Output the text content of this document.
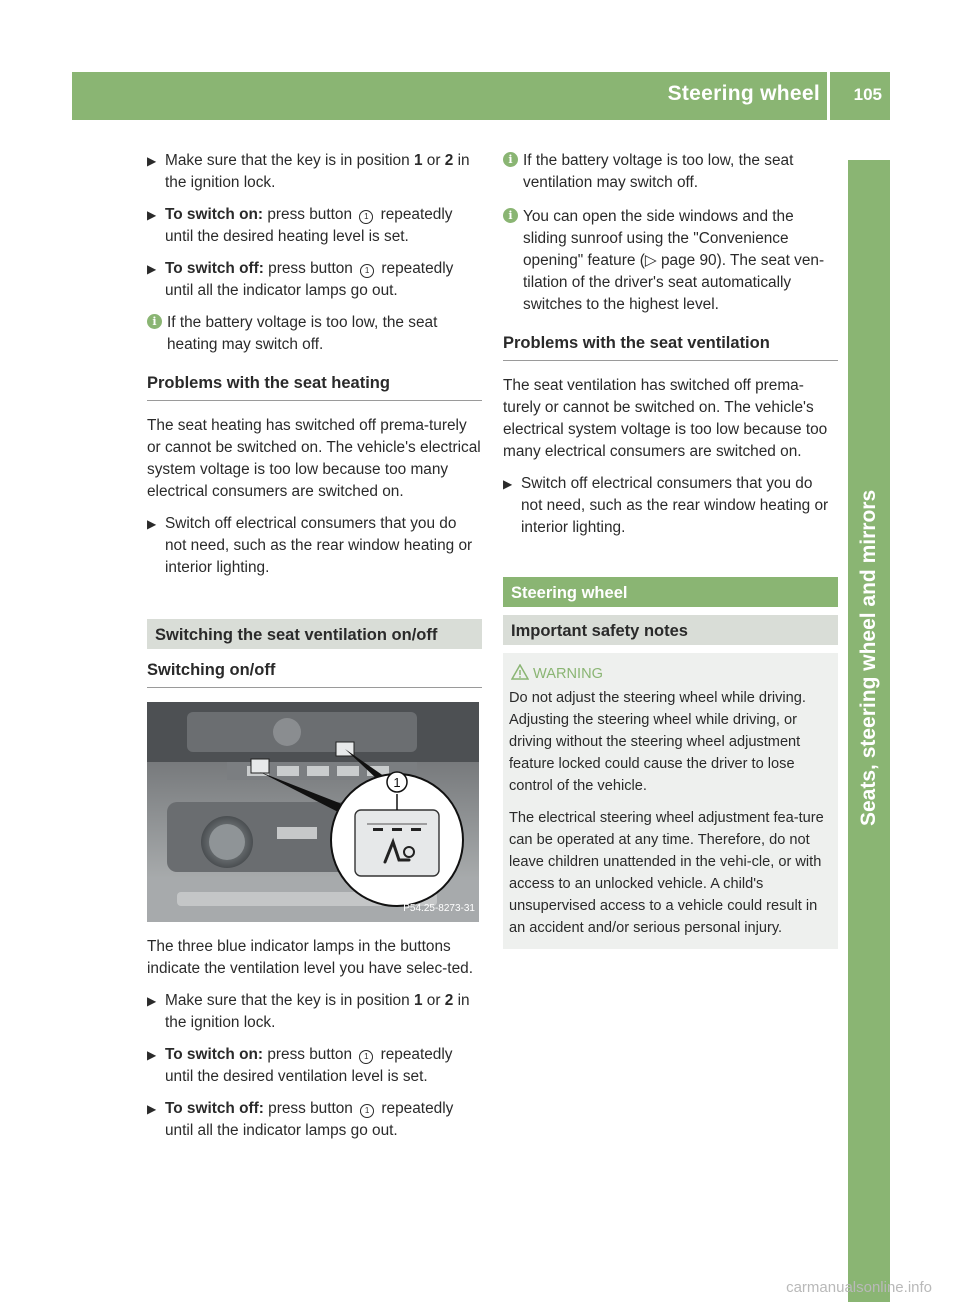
Steering wheel 105
▶ Make sure that the key is in position 1 or 2 in the ignition lock.
▶ To switch on: press button 1 repeatedly until the desired heating level is set.
▶ To switch off: press button 1 repeatedly until all the indicator lamps go out.
i If the battery voltage is too low, the seat heating may switch off.
Problems with the seat heating
The seat heating has switched off prema-turely or cannot be switched on. The vehicle's electrical system voltage is too low because too many electrical consumers are switched on.
▶ Switch off electrical consumers that you do not need, such as the rear window heating or interior lighting.
Switching the seat ventilation on/off
Switching on/off
1
P54.25-8273-31
The three blue indicator lamps in the buttons indicate the ventilation level you have selec-ted.
▶ Make sure that the key is in position 1 or 2 in the ignition lock.
▶ To switch on: press button 1 repeatedly until the desired ventilation level is set.
▶ To switch off: press button 1 repeatedly until all the indicator lamps go out.
i If the battery voltage is too low, the seat ventilation may switch off.
i You can open the side windows and the sliding sunroof using the "Convenience opening" feature (▷ page 90). The seat ven-tilation of the driver's seat automatically switches to the highest level.
Problems with the seat ventilation
The seat ventilation has switched off prema-turely or cannot be switched on. The vehicle's electrical system voltage is too low because too many electrical consumers are switched on.
▶ Switch off electrical consumers that you do not need, such as the rear window heating or interior lighting.
Steering wheel
Important safety notes
WARNING

Do not adjust the steering wheel while driving. Adjusting the steering wheel while driving, or driving without the steering wheel adjustment feature locked could cause the driver to lose control of the vehicle.

The electrical steering wheel adjustment fea-ture can be operated at any time. Therefore, do not leave children unattended in the vehi-cle, or with access to an unlocked vehicle. A child's unsupervised access to a vehicle could result in an accident and/or serious personal injury.

carmanualsonline.info
